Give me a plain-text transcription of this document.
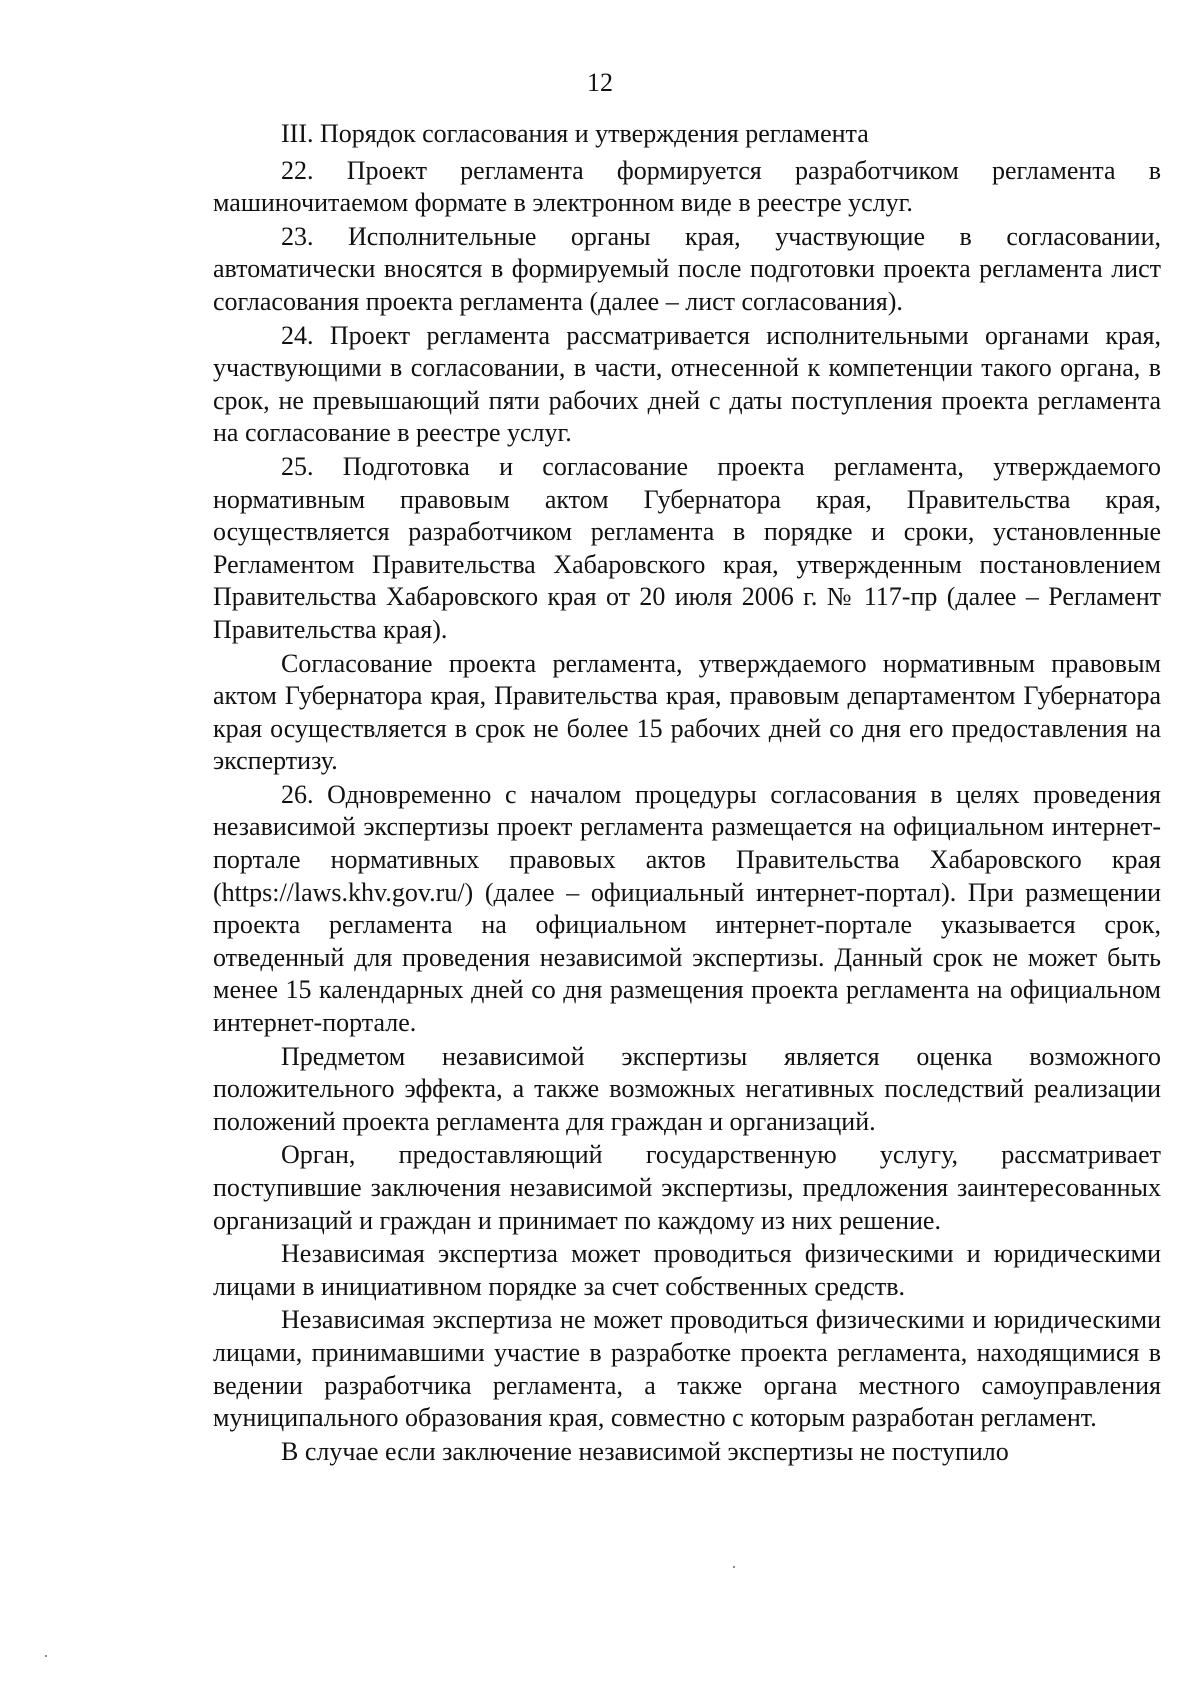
12
III. Порядок согласования и утверждения регламента

22. Проект регламента формируется разработчиком регламента в машиночитаемом формате в электронном виде в реестре услуг.

23. Исполнительные органы края, участвующие в согласовании, автоматически вносятся в формируемый после подготовки проекта регламента лист согласования проекта регламента (далее – лист согласования).

24. Проект регламента рассматривается исполнительными органами края, участвующими в согласовании, в части, отнесенной к компетенции такого органа, в срок, не превышающий пяти рабочих дней с даты поступления проекта регламента на согласование в реестре услуг.

25. Подготовка и согласование проекта регламента, утверждаемого нормативным правовым актом Губернатора края, Правительства края, осуществляется разработчиком регламента в порядке и сроки, установленные Регламентом Правительства Хабаровского края, утвержденным постановлением Правительства Хабаровского края от 20 июля 2006 г. № 117-пр (далее – Регламент Правительства края).

Согласование проекта регламента, утверждаемого нормативным правовым актом Губернатора края, Правительства края, правовым департаментом Губернатора края осуществляется в срок не более 15 рабочих дней со дня его предоставления на экспертизу.

26. Одновременно с началом процедуры согласования в целях проведения независимой экспертизы проект регламента размещается на официальном интернет-портале нормативных правовых актов Правительства Хабаровского края (https://laws.khv.gov.ru/) (далее – официальный интернет-портал). При размещении проекта регламента на официальном интернет-портале указывается срок, отведенный для проведения независимой экспертизы. Данный срок не может быть менее 15 календарных дней со дня размещения проекта регламента на официальном интернет-портале.

Предметом независимой экспертизы является оценка возможного положительного эффекта, а также возможных негативных последствий реализации положений проекта регламента для граждан и организаций.

Орган, предоставляющий государственную услугу, рассматривает поступившие заключения независимой экспертизы, предложения заинтересованных организаций и граждан и принимает по каждому из них решение.

Независимая экспертиза может проводиться физическими и юридическими лицами в инициативном порядке за счет собственных средств.

Независимая экспертиза не может проводиться физическими и юридическими лицами, принимавшими участие в разработке проекта регламента, находящимися в ведении разработчика регламента, а также органа местного самоуправления муниципального образования края, совместно с которым разработан регламент.

В случае если заключение независимой экспертизы не поступило
